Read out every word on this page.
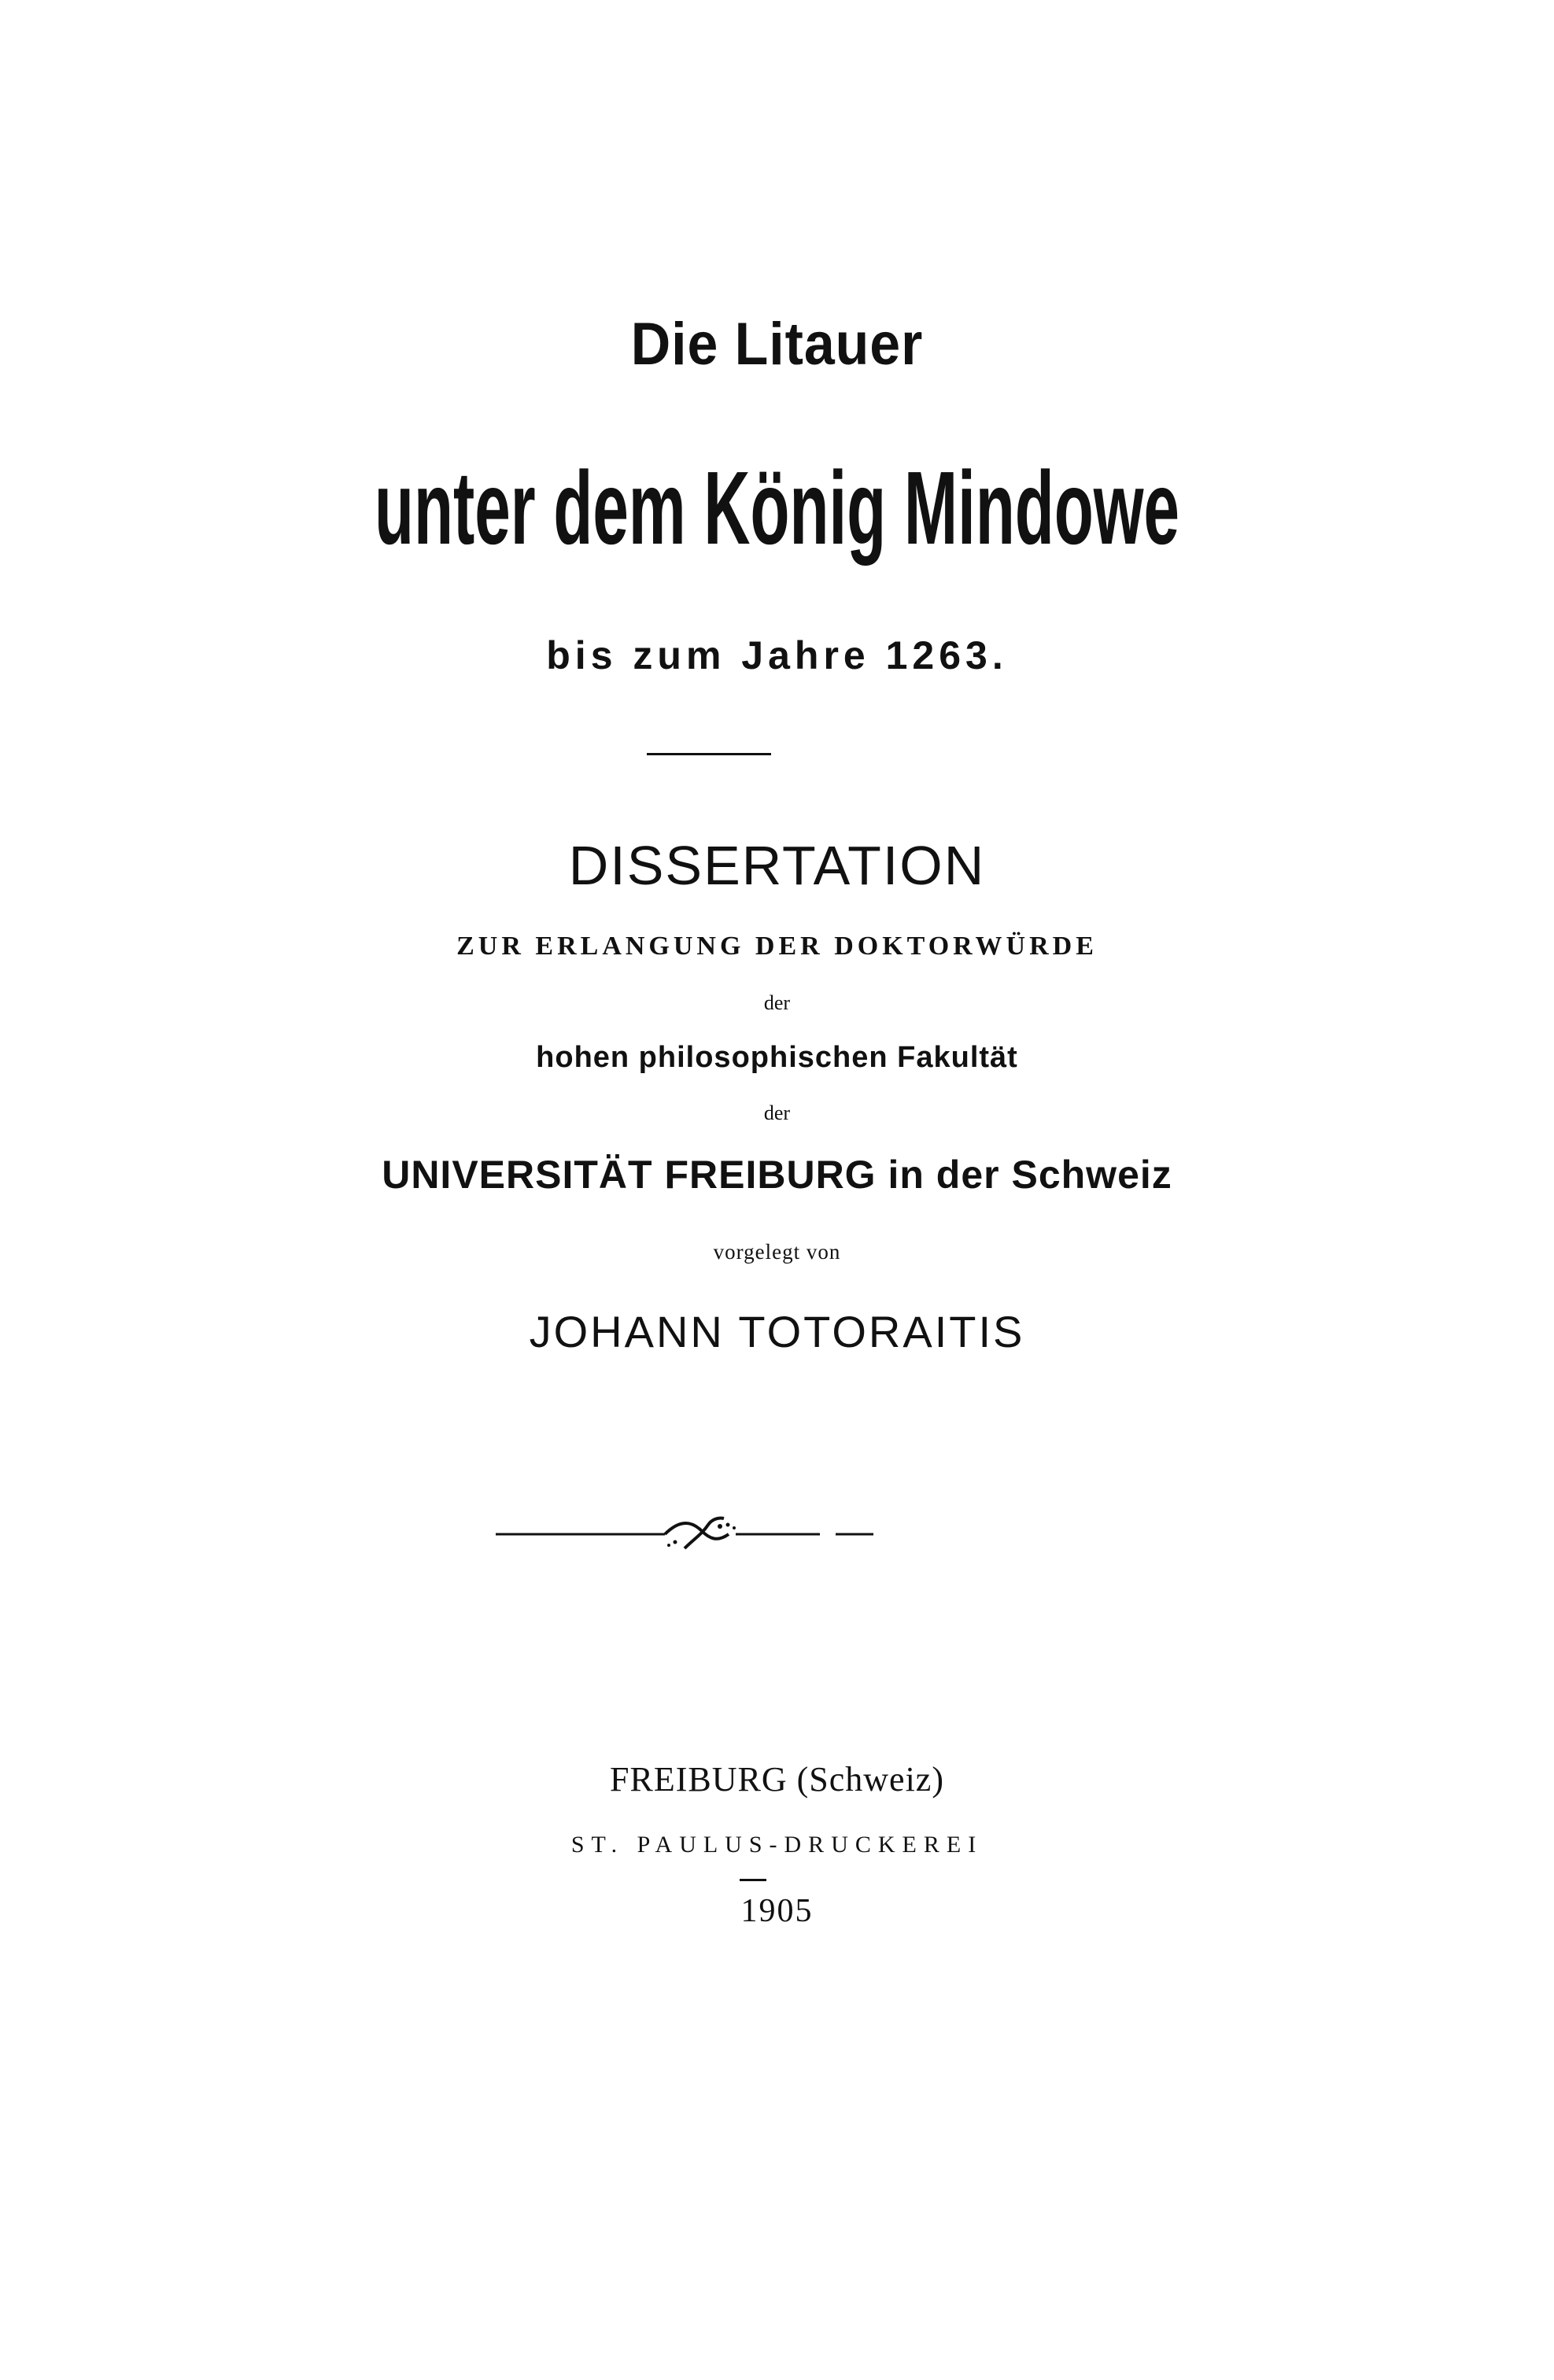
Die Litauer
unter dem König Mindowe
bis zum Jahre 1263.
DISSERTATION
ZUR ERLANGUNG DER DOKTORWÜRDE
der
hohen philosophischen Fakultät
der
UNIVERSITÄT FREIBURG in der Schweiz
vorgelegt von
JOHANN TOTORAITIS
FREIBURG (Schweiz)
ST. PAULUS-DRUCKEREI
1905
